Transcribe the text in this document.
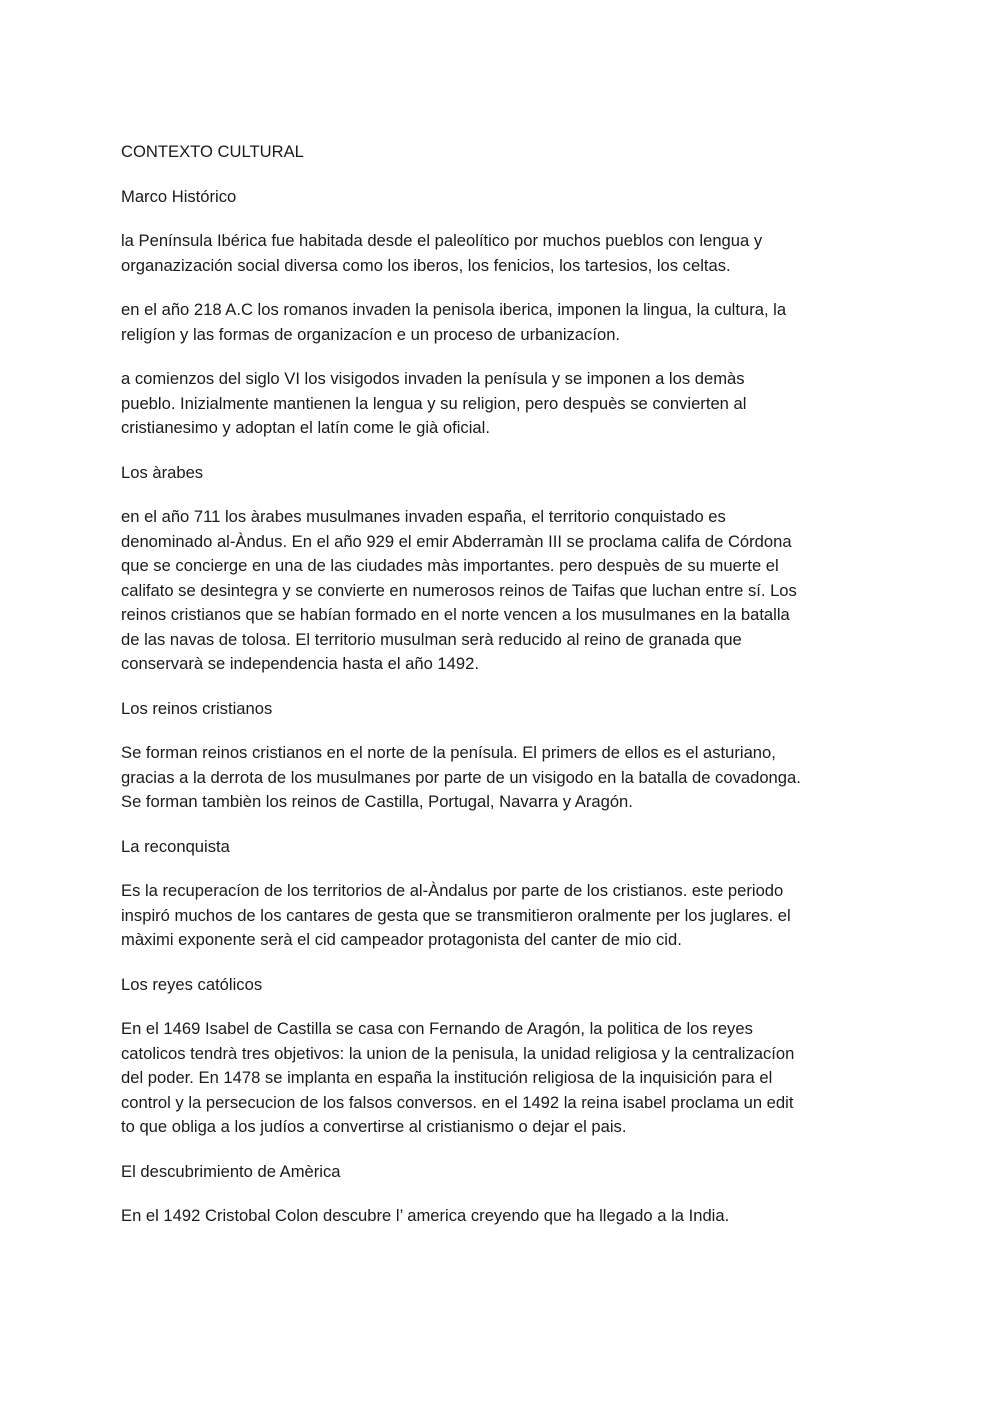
CONTEXTO CULTURAL

Marco Histórico

la Península Ibérica fue habitada desde el paleolítico por muchos pueblos con lengua y
organazización social diversa como los iberos, los fenicios, los tartesios, los celtas.

en el año 218 A.C los romanos invaden la penisola iberica, imponen la lingua, la cultura, la
religíon y las formas de organizacíon e un proceso de urbanizacíon.

a comienzos del siglo VI los visigodos invaden la penísula y se imponen a los demàs
pueblo. Inizialmente mantienen la lengua y su religion, pero despuès se convierten al
cristianesimo y adoptan el latín come le già oficial.

Los àrabes

en el año 711 los àrabes musulmanes invaden españa, el territorio conquistado es
denominado al-Àndus. En el año 929 el emir Abderramàn III se proclama califa de Córdona
que se concierge en una de las ciudades màs importantes. pero despuès de su muerte el
califato se desintegra y se convierte en numerosos reinos de Taifas que luchan entre sí. Los
reinos cristianos que se habían formado en el norte vencen a los musulmanes en la batalla
de las navas de tolosa. El territorio musulman serà reducido al reino de granada que
conservarà se independencia hasta el año 1492.

Los reinos cristianos

Se forman reinos cristianos en el norte de la penísula. El primers de ellos es el asturiano,
gracias a la derrota de los musulmanes por parte de un visigodo en la batalla de covadonga.
Se forman tambièn los reinos de Castilla, Portugal, Navarra y Aragón.

La reconquista

Es la recuperacíon de los territorios de al-Àndalus por parte de los cristianos. este periodo
inspiró muchos de los cantares de gesta que se transmitieron oralmente per los juglares. el
màximi exponente serà el cid campeador protagonista del canter de mio cid.

Los reyes católicos

En el 1469 Isabel de Castilla se casa con Fernando de Aragón, la politica de los reyes
catolicos tendrà tres objetivos: la union de la penisula, la unidad religiosa y la centralizacíon
del poder. En 1478 se implanta en españa la institución religiosa de la inquisición para el
control y la persecucion de los falsos conversos. en el 1492 la reina isabel proclama un edit
to que obliga a los judíos a convertirse al cristianismo o dejar el pais.

El descubrimiento de Amèrica

En el 1492 Cristobal Colon descubre l’ america creyendo que ha llegado a la India.
